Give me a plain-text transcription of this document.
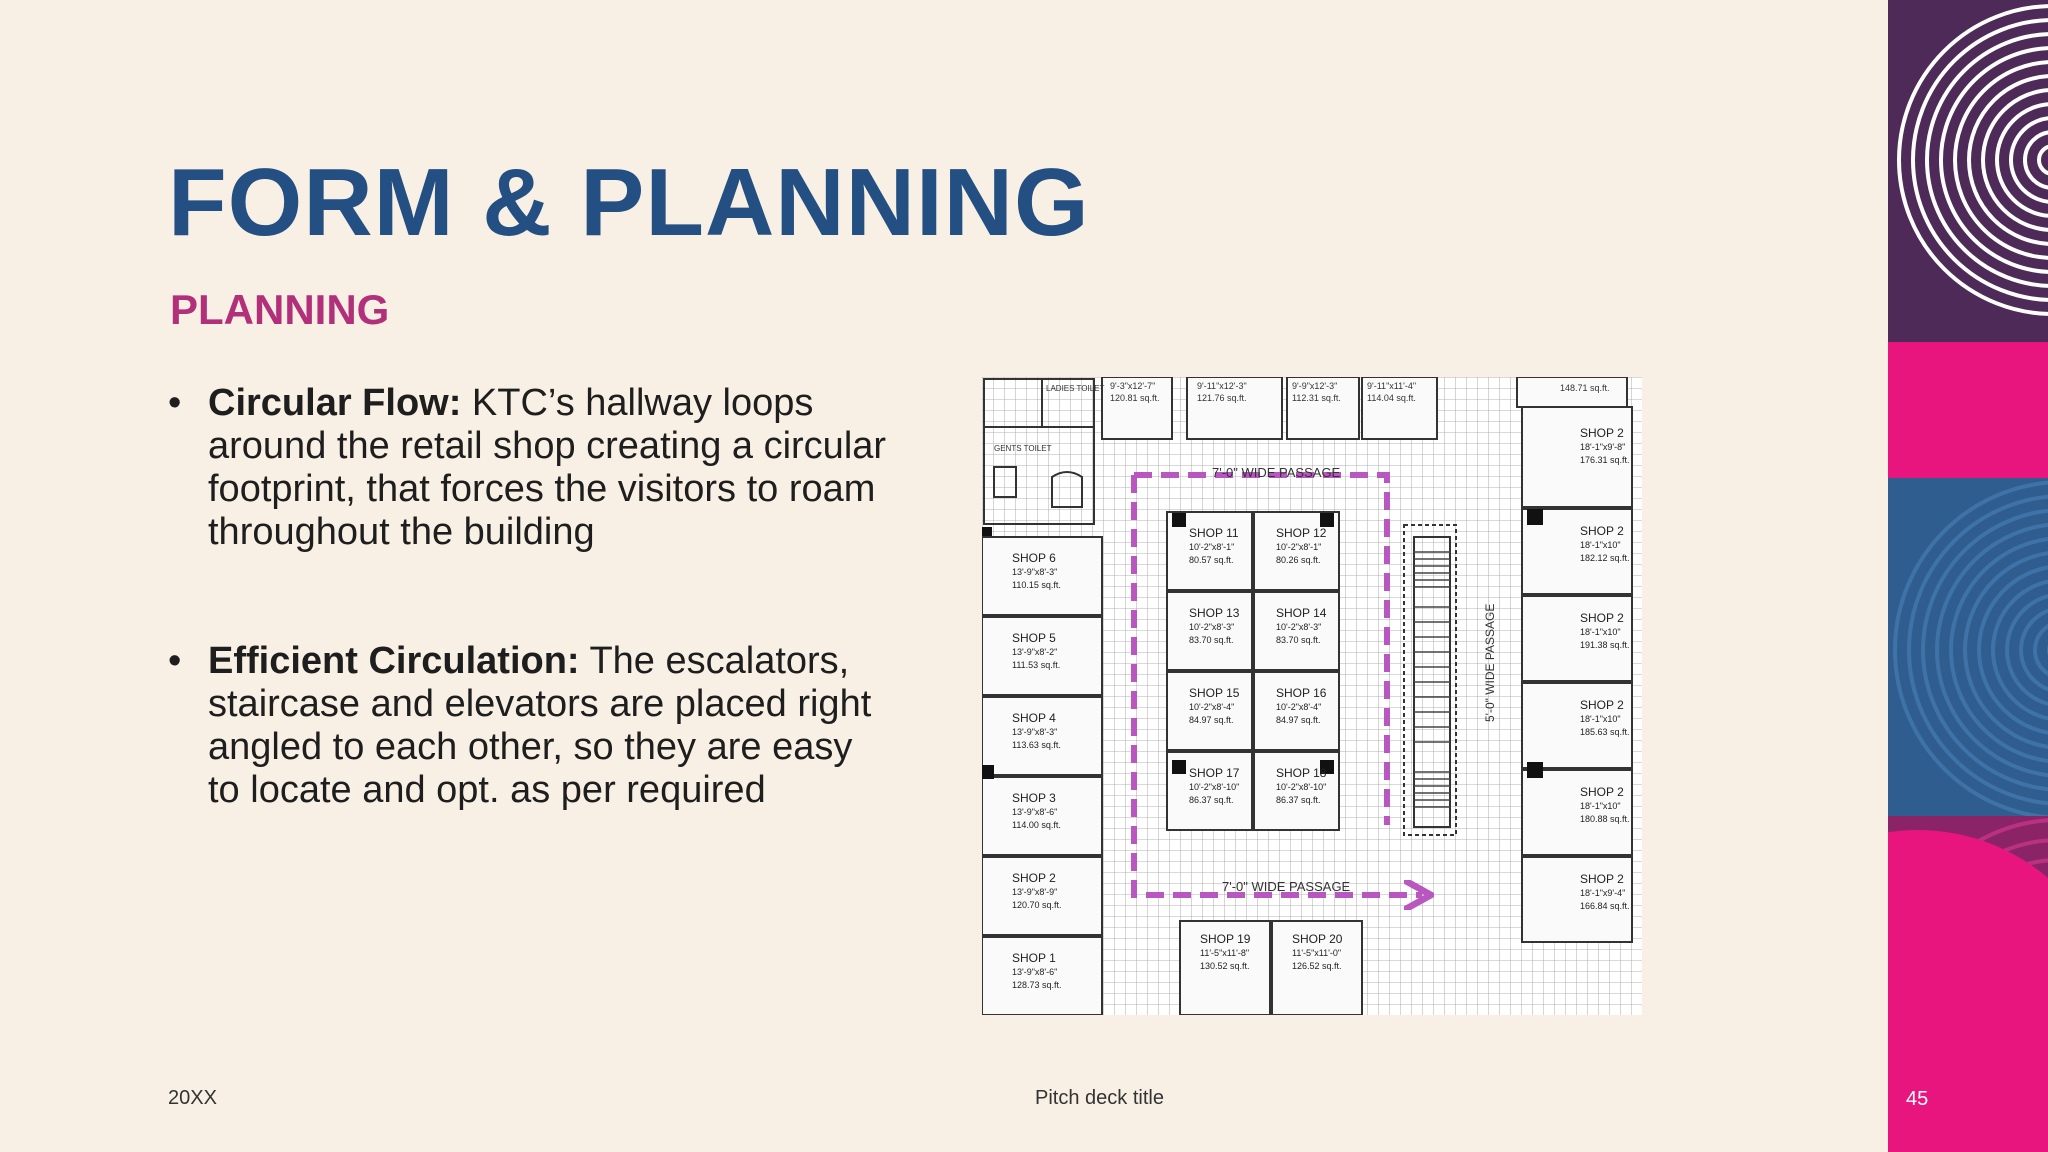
FORM & PLANNING
PLANNING
• Circular Flow: KTC’s hallway loops around the retail shop creating a circular footprint, that forces the visitors to roam throughout the building
• Efficient Circulation: The escalators, staircase and elevators are placed right angled to each other, so they are easy to locate and opt. as per required
7'-0" WIDE PASSAGE
7'-0" WIDE PASSAGE
5'-0" WIDE PASSAGE
LADIES TOILET
GENTS TOILET
9'-3"x12'-7"
120.81 sq.ft.
9'-11"x12'-3"
121.76 sq.ft.
9'-9"x12'-3"
112.31 sq.ft.
9'-11"x11'-4"
114.04 sq.ft.
148.71 sq.ft.
SHOP 6
13'-9"x8'-3"
110.15 sq.ft.
SHOP 5
13'-9"x8'-2"
111.53 sq.ft.
SHOP 4
13'-9"x8'-3"
113.63 sq.ft.
SHOP 3
13'-9"x8'-6"
114.00 sq.ft.
SHOP 2
13'-9"x8'-9"
120.70 sq.ft.
SHOP 1
13'-9"x8'-6"
128.73 sq.ft.
SHOP 11
10'-2"x8'-1"
80.57 sq.ft.
SHOP 12
10'-2"x8'-1"
80.26 sq.ft.
SHOP 13
10'-2"x8'-3"
83.70 sq.ft.
SHOP 14
10'-2"x8'-3"
83.70 sq.ft.
SHOP 15
10'-2"x8'-4"
84.97 sq.ft.
SHOP 16
10'-2"x8'-4"
84.97 sq.ft.
SHOP 17
10'-2"x8'-10"
86.37 sq.ft.
SHOP 18
10'-2"x8'-10"
86.37 sq.ft.
SHOP 19
11'-5"x11'-8"
130.52 sq.ft.
SHOP 20
11'-5"x11'-0"
126.52 sq.ft.
SHOP 2
18'-1"x9'-8"
176.31 sq.ft.
SHOP 2
18'-1"x10"
182.12 sq.ft.
SHOP 2
18'-1"x10"
191.38 sq.ft.
SHOP 2
18'-1"x10"
185.63 sq.ft.
SHOP 2
18'-1"x10"
180.88 sq.ft.
SHOP 2
18'-1"x9'-4"
166.84 sq.ft.
20XX	Pitch deck title	45
